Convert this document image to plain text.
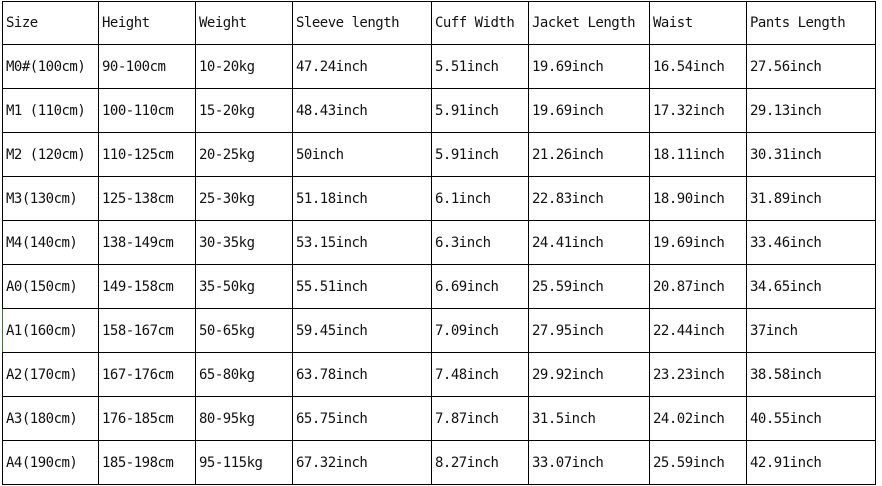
Size	Height	Weight	Sleeve length	Cuff Width	Jacket Length	Waist	Pants Length
M0#(100cm)	90-100cm	10-20kg	47.24inch	5.51inch	19.69inch	16.54inch	27.56inch
M1 (110cm)	100-110cm	15-20kg	48.43inch	5.91inch	19.69inch	17.32inch	29.13inch
M2 (120cm)	110-125cm	20-25kg	50inch	5.91inch	21.26inch	18.11inch	30.31inch
M3(130cm)	125-138cm	25-30kg	51.18inch	6.1inch	22.83inch	18.90inch	31.89inch
M4(140cm)	138-149cm	30-35kg	53.15inch	6.3inch	24.41inch	19.69inch	33.46inch
A0(150cm)	149-158cm	35-50kg	55.51inch	6.69inch	25.59inch	20.87inch	34.65inch
A1(160cm)	158-167cm	50-65kg	59.45inch	7.09inch	27.95inch	22.44inch	37inch
A2(170cm)	167-176cm	65-80kg	63.78inch	7.48inch	29.92inch	23.23inch	38.58inch
A3(180cm)	176-185cm	80-95kg	65.75inch	7.87inch	31.5inch	24.02inch	40.55inch
A4(190cm)	185-198cm	95-115kg	67.32inch	8.27inch	33.07inch	25.59inch	42.91inch
